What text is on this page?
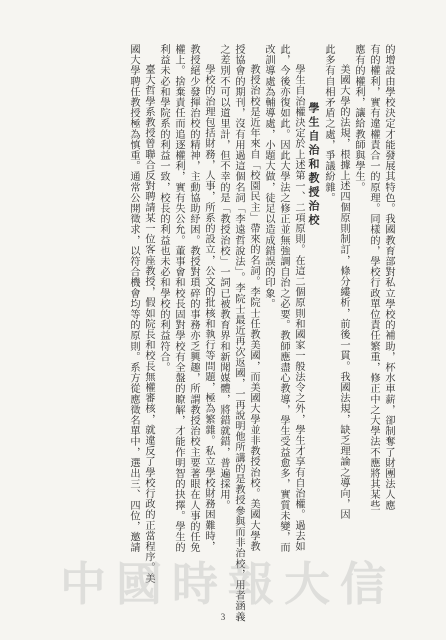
的增設由學校決定才能發展其特色。我國教育部對私立學校的補助，杯水車薪，卻制奪了財團法人應
有的權利，實有違權責合一的原理。同樣的，學校行政單位責任繁重，修正中之大學法不應將其某些
應有的權利，讓給教師與學生。
美國大學的法規，根據上述四個原則制訂，條分縷析，前後一貫。我國法規，缺乏理論之導向，因
此多有自相矛盾之處，爭議紛雜。
學生自治和教授治校
學生自治權決定於上述第一、二項原則。在這二個原則和國家一般法令之外，學生才享有自治權。過去如
此，今後亦復如此。因此大學法之修正並無強調自治之必要。教師應盡心教導，學生受益愈多，實質未變，而
改訓導處為輔導處，小題大做，徒足以造成錯誤的印象。
教授治校是近年來自「校園民主」帶來的名詞。李院士任教美國，而美國大學並非教授治校。美國大學教
授協會的期刊，沒有用過這個名詞「李遠哲說法」。李院士最近再次返國，一再說明他所講的是教授參與而非治校，用者涵義
之差別不可以道里計，但不幸的是「教授治校」一詞已被教育界和新聞媒體，將錯就錯，普遍採用。
學校的治理包括財務，人事，所系的設立，公文的批核和執行等問題，極為繁雜。私立學校財務困難時，
教授絕少發揮治校的精神，主動協助紓困。教授對瑣碎的事務亦乏興趣，所謂教授治校主要著眼在人事的任免
權上。捨棄責任而追逐權利，實有失公允。董事會和校長固對學校有全盤的瞭解，才能作明智的抉擇。學生的
利益未必和學院系的利益一致，校長的利益也未必和學校的利益符合。
臺大哲學系教授曾聯合反對聘請某一位客座教授，假如院長和校長無權審核，就違反了學校行政的正當程序。美
國大學聘任教授極為慎重。通常公開徵求，以符合機會均等的原則。系方從應徵名單中，選出三、四位，邀請
中國時報大信
3
